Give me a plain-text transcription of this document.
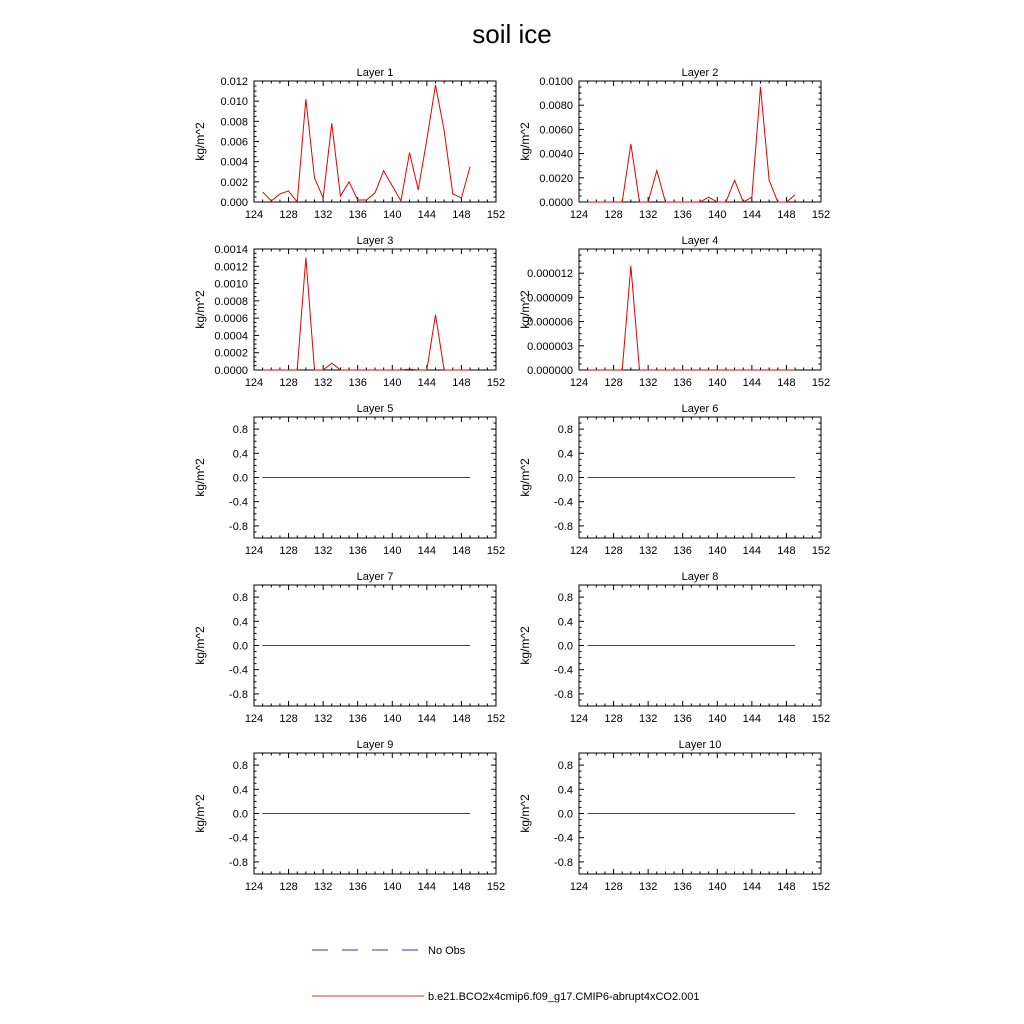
soil ice
Layer 1
124 128 132 136 140 144 148 152
0.000
0.002
0.004
0.006
0.008
0.010
0.012
kg/m^2
Layer 2
124 128 132 136 140 144 148 152
0.0000
0.0020
0.0040
0.0060
0.0080
0.0100
kg/m^2
Layer 3
124 128 132 136 140 144 148 152
0.0000
0.0002
0.0004
0.0006
0.0008
0.0010
0.0012
0.0014
kg/m^2
Layer 4
124 128 132 136 140 144 148 152
0.000000
0.000003
0.000006
0.000009
0.000012
kg/m^2
Layer 5
124 128 132 136 140 144 148 152
-0.8
-0.4
0.0
0.4
0.8
kg/m^2
Layer 6
124 128 132 136 140 144 148 152
-0.8
-0.4
0.0
0.4
0.8
kg/m^2
Layer 7
124 128 132 136 140 144 148 152
-0.8
-0.4
0.0
0.4
0.8
kg/m^2
Layer 8
124 128 132 136 140 144 148 152
-0.8
-0.4
0.0
0.4
0.8
kg/m^2
Layer 9
124 128 132 136 140 144 148 152
-0.8
-0.4
0.0
0.4
0.8
kg/m^2
Layer 10
124 128 132 136 140 144 148 152
-0.8
-0.4
0.0
0.4
0.8
kg/m^2
No Obs
b.e21.BCO2x4cmip6.f09_g17.CMIP6-abrupt4xCO2.001
